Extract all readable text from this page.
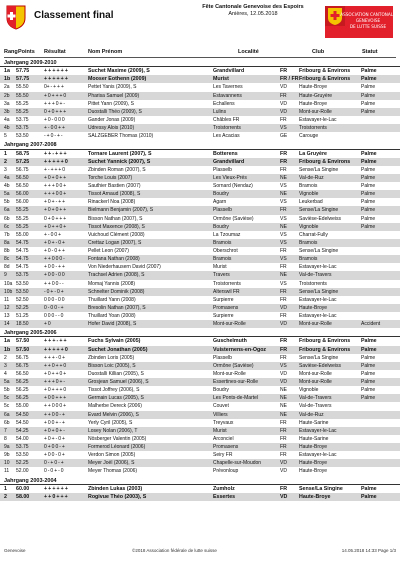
Classement final
Fête Cantonale Genevoise des Espoirs
Anières, 12.05.2018	ASSOCIATION CANTONALE
GENEVOISE
DE LUTTE SUISSE
Rang Points Résultat	Nom Prénom	Localité	Club	Statut
Jahrgang 2009-2010
1a	57.75	+ + + + + +	Suchet Maxime (2009), S	Grandvillard	FR	Fribourg & Environs	Palme
1b	57.75	+ + + + + +	Mooser Eothenn (2009)	Murist	FR / FR Fribourg & Environs	Palme
2a	55.50	0+ - + + +	Pettet Yanis (2009), S	Les Tavernes	VD	Haute-Broye	Palme
2b	55.50	+ 0 + + + 0	Pharisa Samuel (2009)	Estavannens	FR	Haute-Gruyère	Palme
3a	55.25	+ + + 0 + -	Pittet Yann (2009), S	Echallens	VD	Haute-Broye	Palme
3b	55.25	0 + 0 + + +	Duostalli Théo (2009), S	Lulins	VD	Mont-sur-Rolle	Palme
4a	53.75	+ 0 - 0 0 0	Gander Jonas (2009)	Châbles FR	FR	Estavayer-le-Lac
4b	53.75	+ - 0 0 + +	Udressy Alois (2010)	Troistorrents	VS	Troistorrents
5	53.50	- + 0 - + -	SALZGEBER Thomas (2010)	Les Acacias	GE	Carouge
Jahrgang 2007-2008
1	58.75	+ + - + + +	Tornare Laurent (2007), S	Botterens	FR	La Gruyère	Palme
2	57.25	+ + + + + 0	Suchet Yannick (2007), S	Grandvillard	FR	Fribourg & Environs	Palme
3	56.75	+ - + + + 0	Zbinden Roman (2007), S	Plasselb	FR	Sense/La Singine	Palme
4a	56.50	+ 0 + 0 + +	Torche Louis (2007)	Les Vieux-Prés	NE	Val-de-Ruz	Palme
4b	56.50	+ + + 0 0 +	Sauthier Bastien (2007)	Sornard (Nendaz)	VS	Bramois	Palme
5a	56.00	+ + + 0 0 +	Tissot Arnaud (2008), S	Boudry	NE	Vignoble	Palme
5b	56.00	+ 0 + - + +	Rinackerl Noa (2008)	Agarn	VS	Leukerbad	Palme
6a	55.25	+ 0 + 0 + +	Bielmann Benjamin (2007), S	Plasselb	FR	Sense/La Singine	Palme
6b	55.25	0 + 0 + + +	Bisson Nathan (2007), S	Ormône (Savièse)	VS	Savièse-Edelweiss	Palme
6c	55.25	+ 0 + + 0 +	Tissot Maxence (2008), S	Boudry	NE	Vignoble	Palme
7b	55.00	+ - 0 0 +	Vuichoud Clément (2008)	La Tzoumaz	VS	Charrat-Fully
8a	54.75	+ 0 + - 0 +	Crettaz Logan (2007), S	Bramois	VS	Bramois
8b	54.75	+ 0 - 0 + +	Pellet Leon (2007)	Oberschrot	FR	Sense/La Singine
8c	54.75	+ + 0 0 0 -	Fontana Nathan (2008)	Bramois	VS	Bramois
8d	54.75	+ 0 0 - + +	Von Niederhausern David (2007)	Murist	FR	Estavayer-le-Lac
9	53.75	+ 0 0 - 0 0	Trachsel Adrien (2008), S	Travers	NE	Val-de-Travers
10a 53.50	+ + 0 0 - -	Momaj Yannis (2008)	Troistorrents	VS	Troistorrents
10b 53.50	- 0 + - 0 +	Schnelter Dominik (2008)	Alterswil FR	FR	Sense/La Singine
11	52.50	0 0 0 - 0 0	Thuillard Yann (2008)	Surpierre	FR	Estavayer-le-Lac
12	52.25	0 - 0 0 - +	Bresolin Nathan (2007), S	Promasens	VD	Haute-Broye
13	51.25	0 0 0 - - 0	Thuillard Yoan (2008)	Surpierre	FR	Estavayer-le-Lac
14	18.50	+ 0	Hofer David (2008), S	Mont-sur-Rolle	VD	Mont-sur-Rolle	Accident
Jahrgang 2005-2006
1a	57.50	+ + + - + +	Fuchs Sylvain (2005)	Guschelmuth	FR	Fribourg & Environs	Palme
1b	57.50	+ + + + + 0	Suchet Jonathan (2005)	Vuisternens-en-Ogoz	FR	Fribourg & Environs	Palme
2	56.75	+ + + - 0 +	Zbinden Loris (2005)	Plasselb	FR	Sense/La Singine	Palme
3	56.75	+ + 0 + + 0	Bisson Loic (2005), S	Ormône (Savièse)	VS	Savièse-Edelweiss	Palme
4	56.50	+ 0 + + 0 +	Duostalli Killian (2005), S	Mont-sur-Rolle	VD	Mont-sur-Rolle	Palme
5a	56.25	+ + + 0 + -	Grosjean Samuel (2006), S	Essertines-sur-Rolle	VD	Mont-sur-Rolle	Palme
5b	56.25	+ 0 + + + 0	Tissot Joffrey (2006), S	Boudry	NE	Vignoble	Palme
5c	56.25	+ 0 0 + + +	Germain Lucas (2005), S	Les Ponts-de-Martel	NE	Val-de-Travers	Palme
5c	55.00	+ + 0 0 0 +	Malherbe Dereck (2006)	Couvet	NE	Val-de-Travers
6a	54.50	+ + 0 0 - +	Evard Melvin (2006), S	Villiers	NE	Val-de-Ruz
6b	54.50	+ 0 0 + - +	Yerly Cyril (2005), S	Treyvaux	FR	Haute-Sarine
7	54.25	+ 0 + 0 + -	Losey Nolan (2006), T	Murist	FR	Estavayer-le-Lac
8	54.00	+ 0 + - 0 +	Nösberger Valentin (2005)	Arconciel	FR	Haute-Sarine
9a	53.75	0 + 0 0 - +	Formerod Léonard (2006)	Promasens	FR	Haute-Broye
9b	53.50	+ 0 0 - 0 +	Verdon Simon (2005)	Seiry FR	FR	Estavayer-le-Lac
10	52.25	0 - + 0 - +	Meyer Joël (2006), S	Chapelle-sur-Moudon	VD	Haute-Broye
11	52.00	0 - 0 + - 0	Meyer Thomas (2006)	Prévonloup	VD	Haute-Broye
Jahrgang 2003-2004
1	60.00	+ + + + + +	Zbinden Lukas (2003)	Zumholz	FR	Sense/La Singine	Palme
2	58.00	+ + 0 + + +	Rogivue Théo (2003), S	Essertes	VD	Haute-Broye	Palme
Genevoise	©2018 Association fédérale de lutte suisse	14.05.2018 14:33 Page 1/3
